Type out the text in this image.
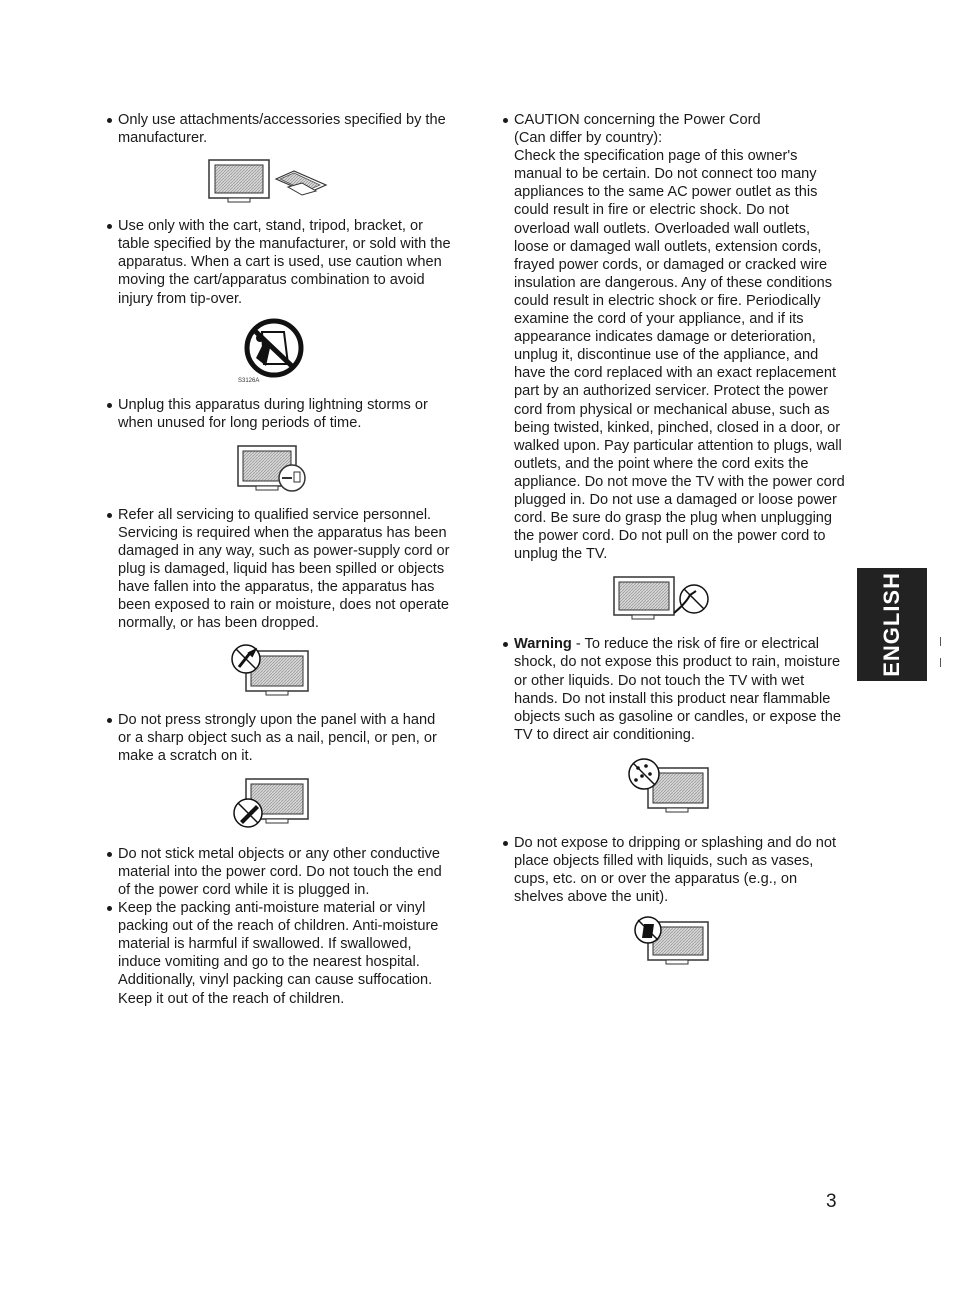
Only use attachments/accessories specified by the manufacturer.

Use only with the cart, stand, tripod, bracket, or table specified by the manufacturer, or sold with the apparatus. When a cart is used, use caution when moving the cart/apparatus combination to avoid injury from tip-over.

S3126A

Unplug this apparatus during lightning storms or when unused for long periods of time.

Refer all servicing to qualified service personnel. Servicing is required when the apparatus has been damaged in any way, such as power-supply cord or plug is damaged, liquid has been spilled or objects have fallen into the apparatus, the apparatus has been exposed to rain or moisture, does not operate normally, or has been dropped.

Do not press strongly upon the panel with a hand or a sharp object such as a nail, pencil, or pen, or make a scratch on it.

Do not stick metal objects or any other conductive material into the power cord. Do not touch the end of the power cord while it is plugged in.

Keep the packing anti-moisture material or vinyl packing out of the reach of children. Anti-moisture material is harmful if swallowed. If swallowed, induce vomiting and go to the nearest hospital. Additionally, vinyl packing can cause suffocation. Keep it out of the reach of children.

CAUTION concerning the Power Cord

(Can differ by country):

Check the specification page of this owner's manual to be certain. Do not connect too many appliances to the same AC power outlet as this could result in fire or electric shock. Do not overload wall outlets. Overloaded wall outlets, loose or damaged wall outlets, extension cords, frayed power cords, or damaged or cracked wire insulation are dangerous. Any of these conditions could result in electric shock or fire. Periodically examine the cord of your appliance, and if its appearance indicates damage or deterioration, unplug it, discontinue use of the appliance, and have the cord replaced with an exact replacement part by an authorized servicer. Protect the power cord from physical or mechanical abuse, such as being twisted, kinked, pinched, closed in a door, or walked upon. Pay particular attention to plugs, wall outlets, and the point where the cord exits the appliance. Do not move the TV with the power cord plugged in. Do not use a damaged or loose power cord. Be sure do grasp the plug when unplugging the power cord. Do not pull on the power cord to unplug the TV.

Warning - To reduce the risk of fire or electrical shock, do not expose this product to rain, moisture or other liquids. Do not touch the TV with wet hands. Do not install this product near flammable objects such as gasoline or candles, or expose the TV to direct air conditioning.

Do not expose to dripping or splashing and do not place objects filled with liquids, such as vases, cups, etc. on or over the apparatus (e.g., on shelves above the unit).

ENGLISH
3
